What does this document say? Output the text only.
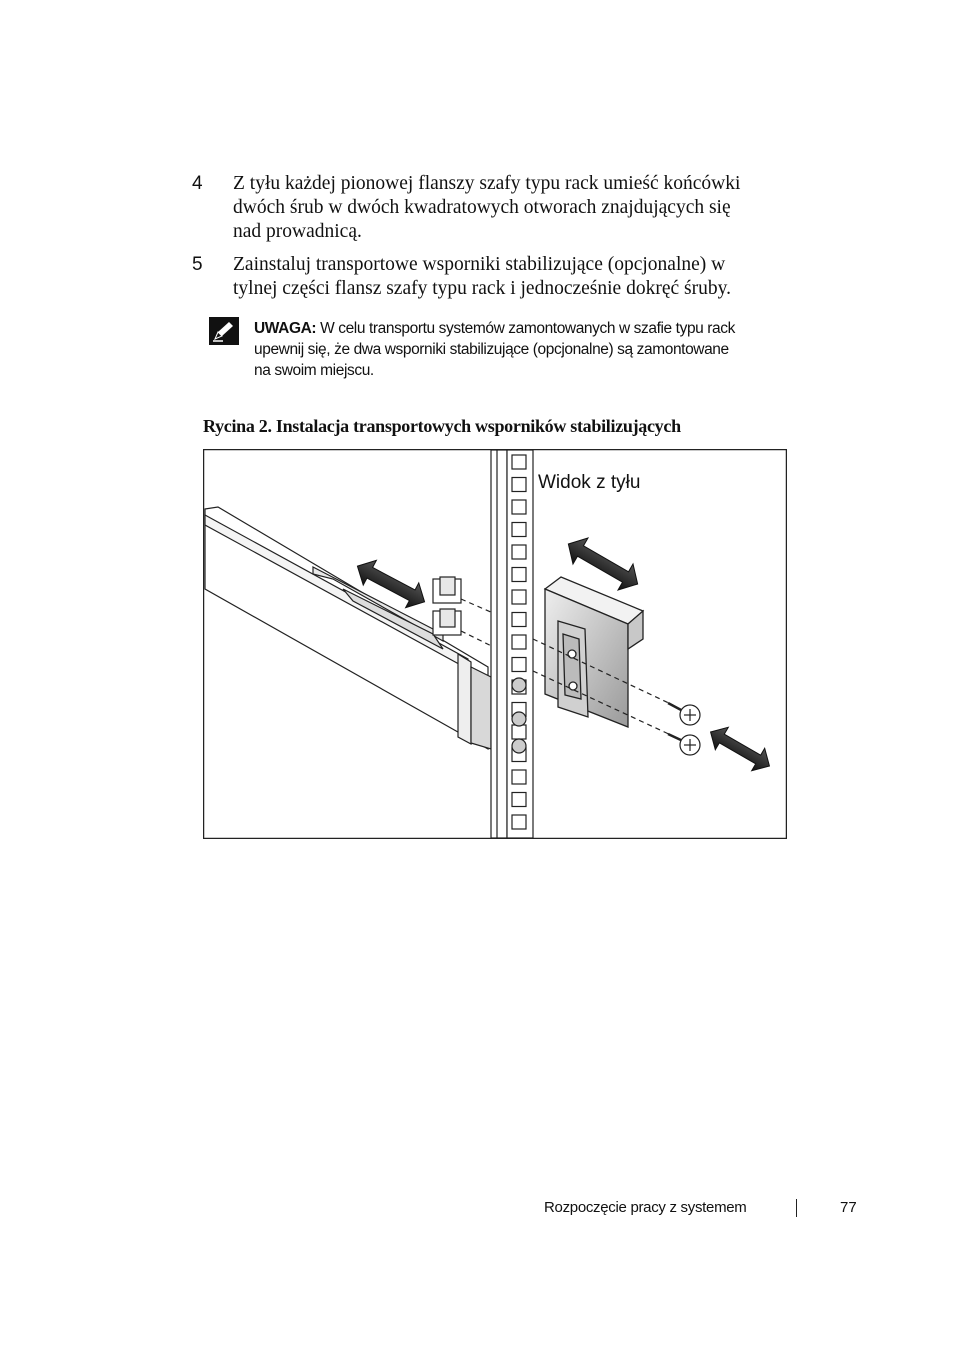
4 Z tyłu każdej pionowej flanszy szafy typu rack umieść końcówki
dwóch śrub w dwóch kwadratowych otworach znajdujących się
nad prowadnicą.
5 Zainstaluj transportowe wsporniki stabilizujące (opcjonalne) w
tylnej części flansz szafy typu rack i jednocześnie dokręć śruby.
UWAGA: W celu transportu systemów zamontowanych w szafie typu rack
upewnij się, że dwa wsporniki stabilizujące (opcjonalne) są zamontowane
na swoim miejscu.
Rycina 2. Instalacja transportowych wsporników stabilizujących
Widok z tyłu
Rozpoczęcie pracy z systemem	77
